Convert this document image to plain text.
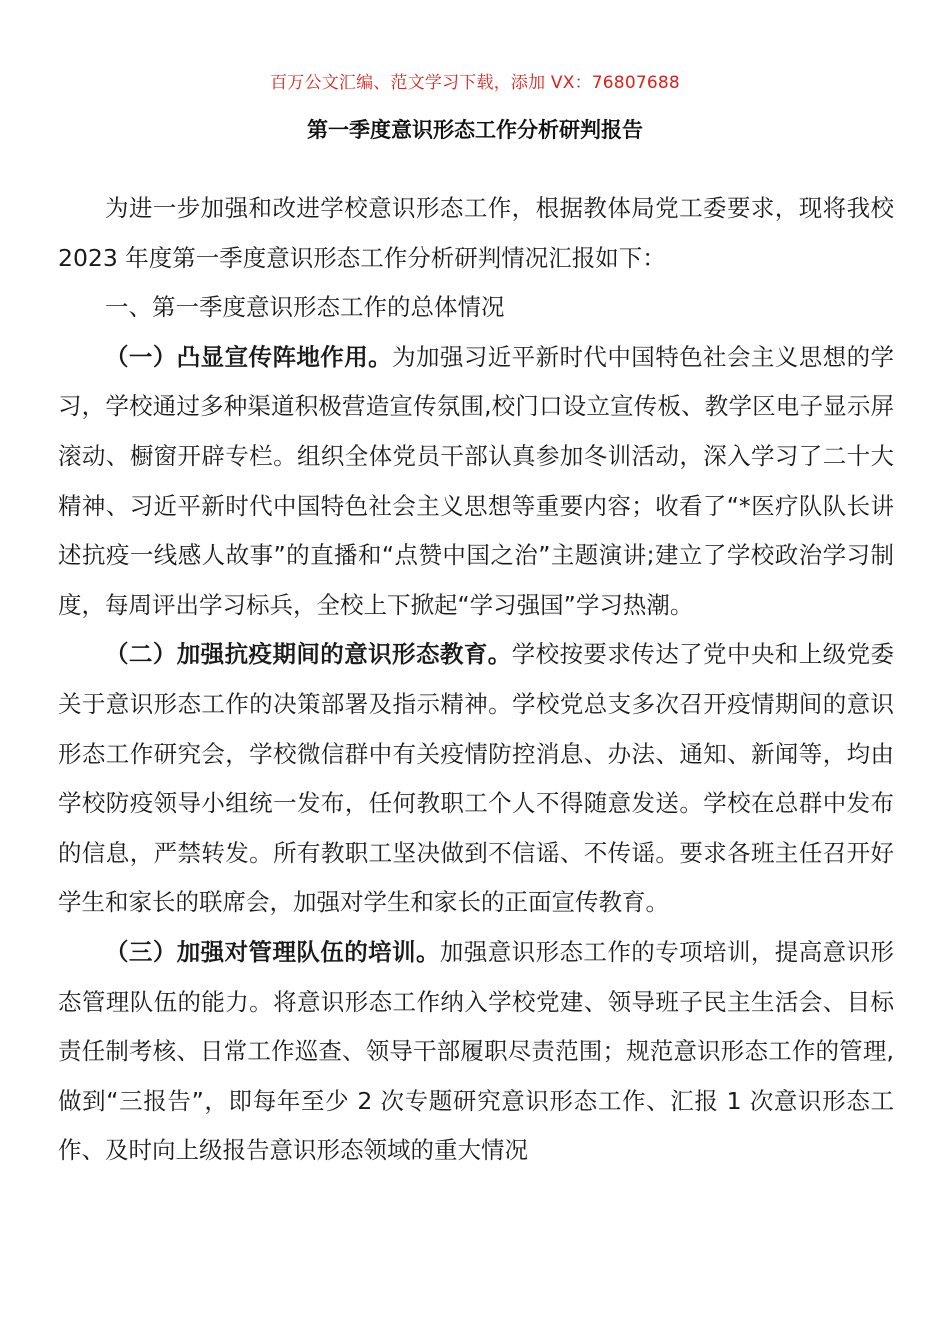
百万公文汇编、范文学习下载，添加 VX：76807688
第一季度意识形态工作分析研判报告

为进一步加强和改进学校意识形态工作，根据教体局党工委要求，现将我校 2023 年度第一季度意识形态工作分析研判情况汇报如下：

一、第一季度意识形态工作的总体情况

（一）凸显宣传阵地作用。为加强习近平新时代中国特色社会主义思想的学习，学校通过多种渠道积极营造宣传氛围,校门口设立宣传板、教学区电子显示屏滚动、橱窗开辟专栏。组织全体党员干部认真参加冬训活动，深入学习了二十大精神、习近平新时代中国特色社会主义思想等重要内容；收看了“*医疗队队长讲述抗疫一线感人故事”的直播和“点赞中国之治”主题演讲;建立了学校政治学习制度，每周评出学习标兵，全校上下掀起“学习强国”学习热潮。

（二）加强抗疫期间的意识形态教育。学校按要求传达了党中央和上级党委关于意识形态工作的决策部署及指示精神。学校党总支多次召开疫情期间的意识形态工作研究会，学校微信群中有关疫情防控消息、办法、通知、新闻等，均由学校防疫领导小组统一发布，任何教职工个人不得随意发送。学校在总群中发布的信息，严禁转发。所有教职工坚决做到不信谣、不传谣。要求各班主任召开好学生和家长的联席会，加强对学生和家长的正面宣传教育。

（三）加强对管理队伍的培训。加强意识形态工作的专项培训，提高意识形态管理队伍的能力。将意识形态工作纳入学校党建、领导班子民主生活会、目标责任制考核、日常工作巡查、领导干部履职尽责范围；规范意识形态工作的管理,做到“三报告”，即每年至少 2 次专题研究意识形态工作、汇报 1 次意识形态工作、及时向上级报告意识形态领域的重大情况
